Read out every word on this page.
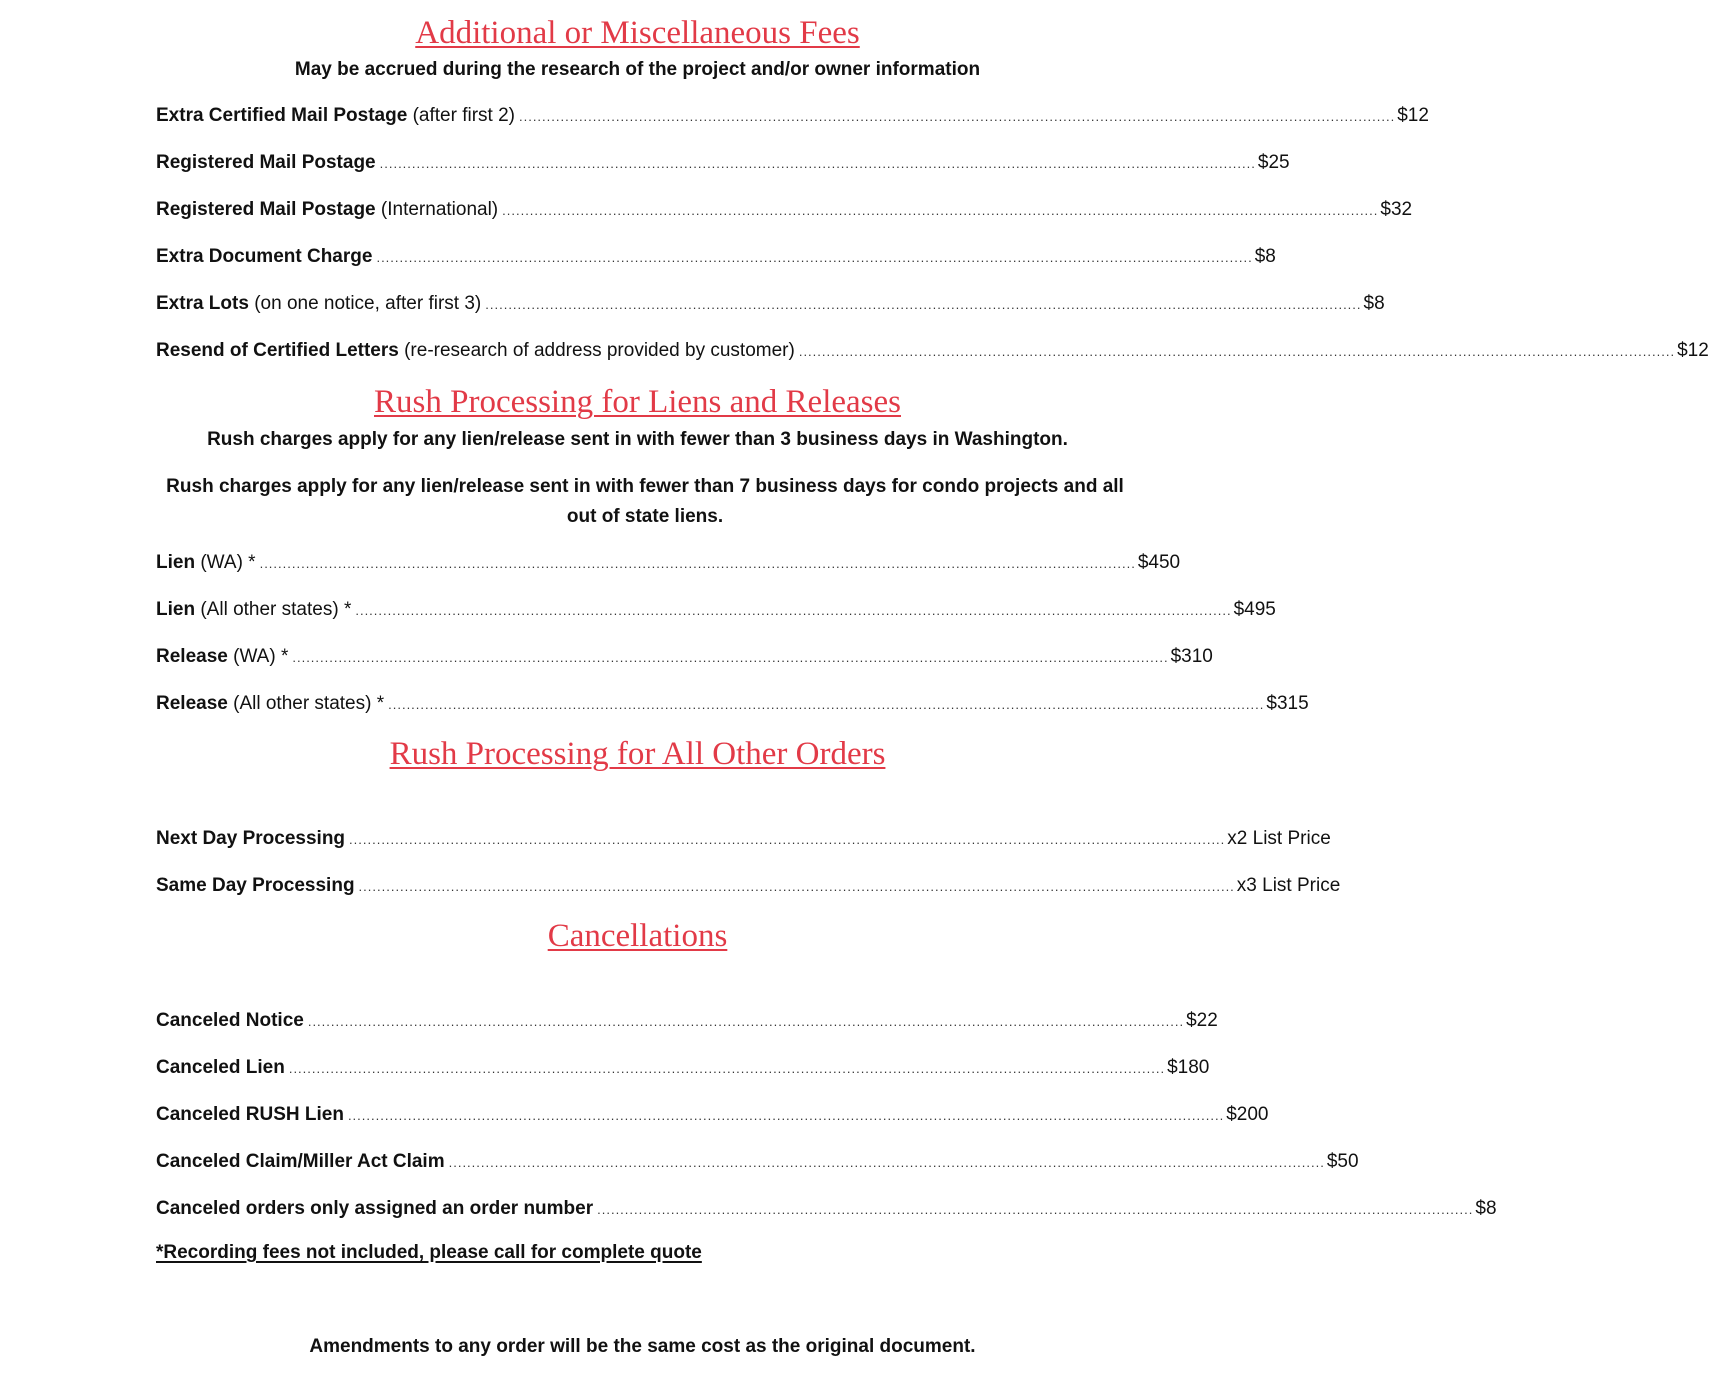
Additional or Miscellaneous Fees
May be accrued during the research of the project and/or owner information
Extra Certified Mail Postage (after first 2) .............................................................................................................................................................................................. $12
Registered Mail Postage .............................................................................................................................................................................................. $25
Registered Mail Postage (International) .............................................................................................................................................................................................. $32
Extra Document Charge .............................................................................................................................................................................................. $8
Extra Lots (on one notice, after first 3) .............................................................................................................................................................................................. $8
Resend of Certified Letters (re-research of address provided by customer) .............................................................................................................................................................................................. $12
Rush Processing for Liens and Releases
Rush charges apply for any lien/release sent in with fewer than 3 business days in Washington.
Rush charges apply for any lien/release sent in with fewer than 7 business days for condo projects and all out of state liens.
Lien (WA) * .............................................................................................................................................................................................. $450
Lien (All other states) * .............................................................................................................................................................................................. $495
Release (WA) * .............................................................................................................................................................................................. $310
Release (All other states) * .............................................................................................................................................................................................. $315
Rush Processing for All Other Orders
Next Day Processing .............................................................................................................................................................................................. x2 List Price
Same Day Processing .............................................................................................................................................................................................. x3 List Price
Cancellations
Canceled Notice .............................................................................................................................................................................................. $22
Canceled Lien .............................................................................................................................................................................................. $180
Canceled RUSH Lien .............................................................................................................................................................................................. $200
Canceled Claim/Miller Act Claim .............................................................................................................................................................................................. $50
Canceled orders only assigned an order number .............................................................................................................................................................................................. $8
*Recording fees not included, please call for complete quote
Amendments to any order will be the same cost as the original document.
